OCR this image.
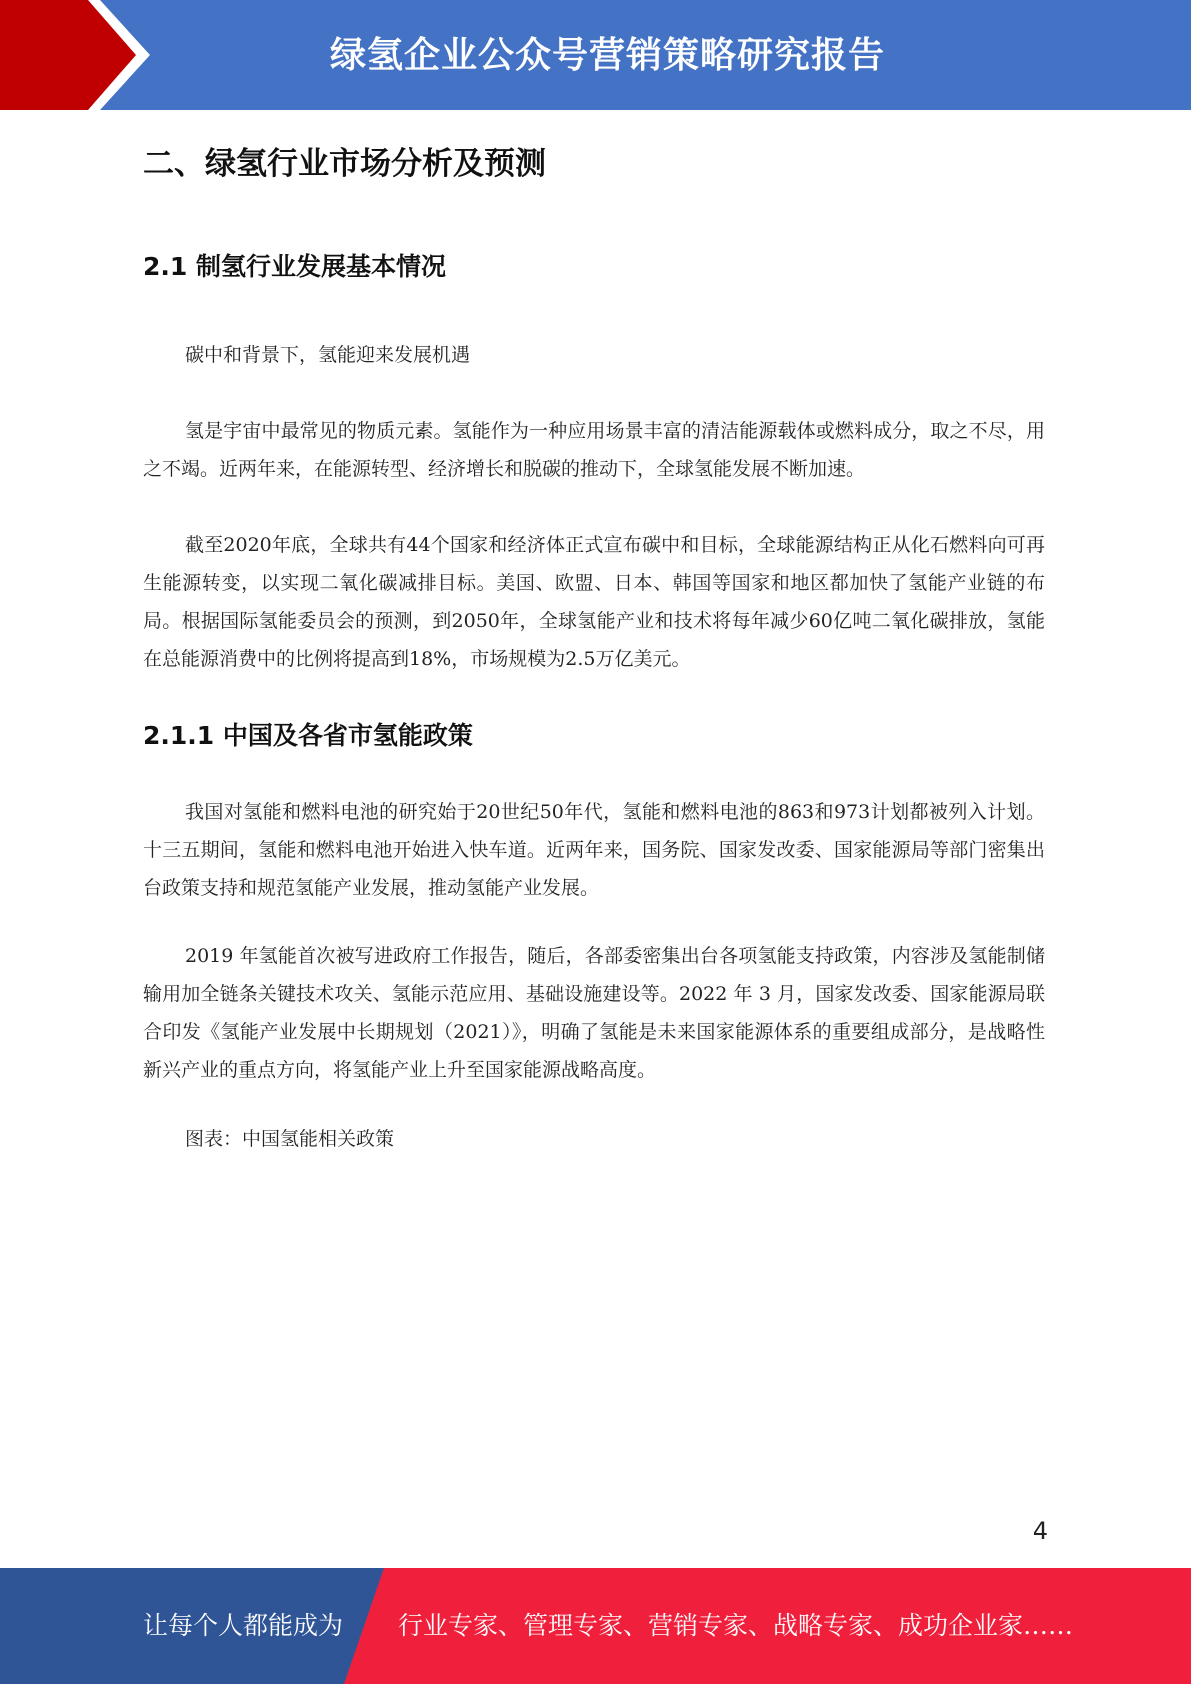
绿氢企业公众号营销策略研究报告
二、绿氢行业市场分析及预测
2.1 制氢行业发展基本情况

碳中和背景下，氢能迎来发展机遇

氢是宇宙中最常见的物质元素。氢能作为一种应用场景丰富的清洁能源载体或燃料成分，取之不尽，用之不竭。近两年来，在能源转型、经济增长和脱碳的推动下，全球氢能发展不断加速。

截至2020年底，全球共有44个国家和经济体正式宣布碳中和目标，全球能源结构正从化石燃料向可再生能源转变，以实现二氧化碳减排目标。美国、欧盟、日本、韩国等国家和地区都加快了氢能产业链的布局。根据国际氢能委员会的预测，到2050年，全球氢能产业和技术将每年减少60亿吨二氧化碳排放，氢能在总能源消费中的比例将提高到18%，市场规模为2.5万亿美元。

2.1.1 中国及各省市氢能政策

我国对氢能和燃料电池的研究始于20世纪50年代，氢能和燃料电池的863和973计划都被列入计划。十三五期间，氢能和燃料电池开始进入快车道。近两年来，国务院、国家发改委、国家能源局等部门密集出台政策支持和规范氢能产业发展，推动氢能产业发展。

2019 年氢能首次被写进政府工作报告，随后，各部委密集出台各项氢能支持政策，内容涉及氢能制储输用加全链条关键技术攻关、氢能示范应用、基础设施建设等。2022 年 3 月，国家发改委、国家能源局联合印发《氢能产业发展中长期规划（2021）》，明确了氢能是未来国家能源体系的重要组成部分，是战略性新兴产业的重点方向，将氢能产业上升至国家能源战略高度。

图表：中国氢能相关政策

4
让每个人都能成为 行业专家、管理专家、营销专家、战略专家、成功企业家……
